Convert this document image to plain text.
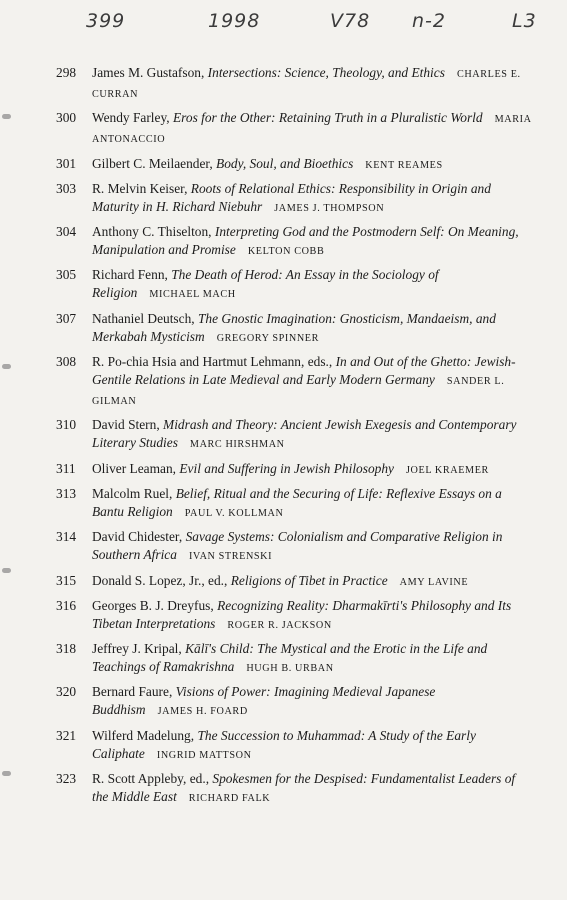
399	1998	V78 n-2	L3
298	James M. Gustafson, Intersections: Science, Theology, and Ethics CHARLES E. CURRAN
300	Wendy Farley, Eros for the Other: Retaining Truth in a Pluralistic World MARIA ANTONACCIO
301	Gilbert C. Meilaender, Body, Soul, and Bioethics KENT REAMES
303	R. Melvin Keiser, Roots of Relational Ethics: Responsibility in Origin and Maturity in H. Richard Niebuhr JAMES J. THOMPSON
304	Anthony C. Thiselton, Interpreting God and the Postmodern Self: On Meaning, Manipulation and Promise KELTON COBB
305	Richard Fenn, The Death of Herod: An Essay in the Sociology of Religion MICHAEL MACH
307	Nathaniel Deutsch, The Gnostic Imagination: Gnosticism, Mandaeism, and Merkabah Mysticism GREGORY SPINNER
308	R. Po-chia Hsia and Hartmut Lehmann, eds., In and Out of the Ghetto: Jewish-Gentile Relations in Late Medieval and Early Modern Germany SANDER L. GILMAN
310	David Stern, Midrash and Theory: Ancient Jewish Exegesis and Contemporary Literary Studies MARC HIRSHMAN
311	Oliver Leaman, Evil and Suffering in Jewish Philosophy JOEL KRAEMER
313	Malcolm Ruel, Belief, Ritual and the Securing of Life: Reflexive Essays on a Bantu Religion PAUL V. KOLLMAN
314	David Chidester, Savage Systems: Colonialism and Comparative Religion in Southern Africa IVAN STRENSKI
315	Donald S. Lopez, Jr., ed., Religions of Tibet in Practice AMY LAVINE
316	Georges B. J. Dreyfus, Recognizing Reality: Dharmakīrti's Philosophy and Its Tibetan Interpretations ROGER R. JACKSON
318	Jeffrey J. Kripal, Kālī's Child: The Mystical and the Erotic in the Life and Teachings of Ramakrishna HUGH B. URBAN
320	Bernard Faure, Visions of Power: Imagining Medieval Japanese Buddhism JAMES H. FOARD
321	Wilferd Madelung, The Succession to Muhammad: A Study of the Early Caliphate INGRID MATTSON
323	R. Scott Appleby, ed., Spokesmen for the Despised: Fundamentalist Leaders of the Middle East RICHARD FALK
